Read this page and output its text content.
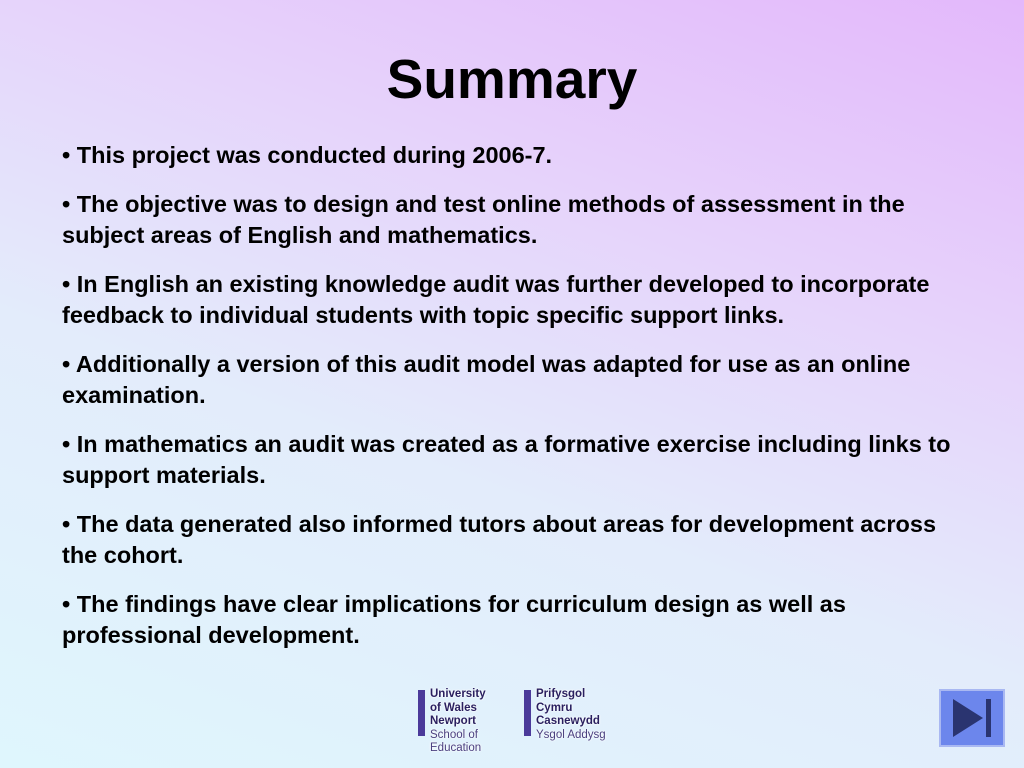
Summary
• This project was conducted during 2006-7.
• The objective was to design and test online methods of assessment in the subject areas of English and mathematics.
• In English an existing knowledge audit was further developed to incorporate feedback to individual students with topic specific support links.
• Additionally a version of this audit model was adapted for use as an online examination.
• In mathematics an audit was created as a formative exercise including links to support materials.
• The data generated also informed tutors about areas for development across the cohort.
• The findings have clear implications for curriculum design as well as professional development.
University
of Wales
Newport
School of
Education
Prifysgol
Cymru
Casnewydd
Ysgol Addysg
